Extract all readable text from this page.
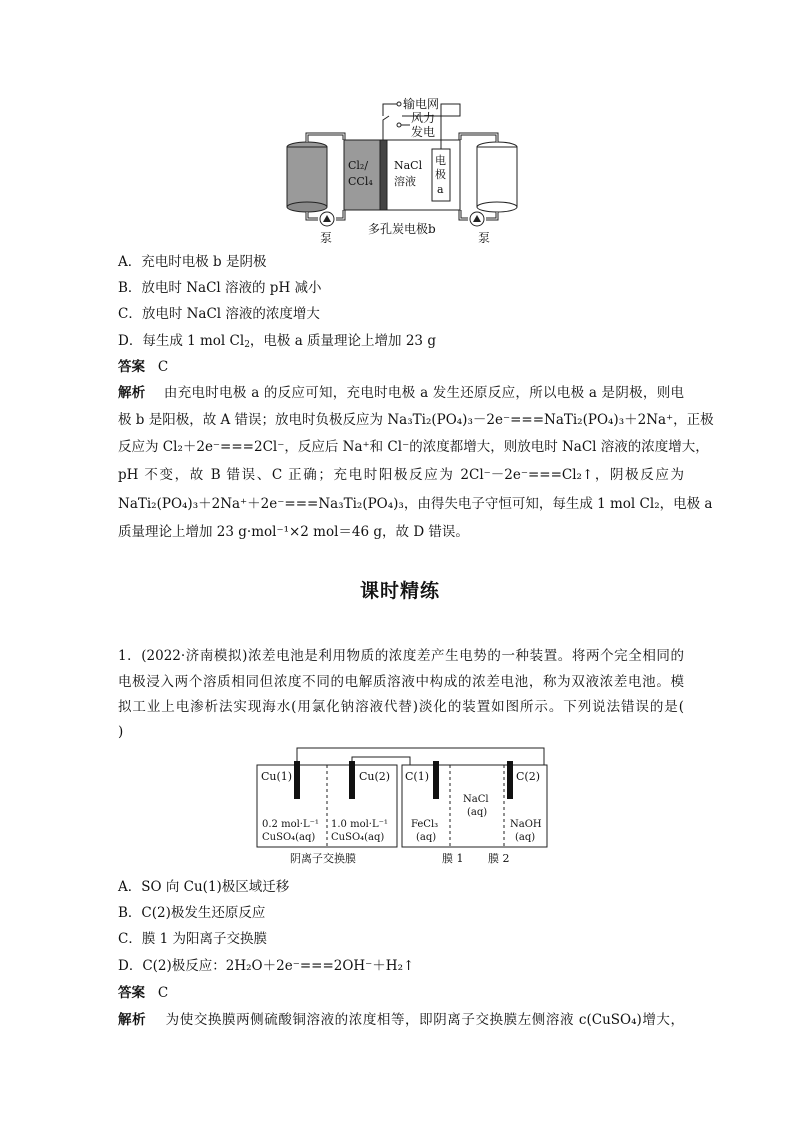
输电网
风力
发电
Cl₂/
CCl₄
NaCl
溶液
电
极
a
泵	泵
多孔炭电极b
A．充电时电极 b 是阴极
B．放电时 NaCl 溶液的 pH 减小
C．放电时 NaCl 溶液的浓度增大
D．每生成 1 mol $Cl_2$，电极 a 质量理论上增加 23 g
答案 C
解析 由充电时电极 a 的反应可知，充电时电极 a 发生还原反应，所以电极 a 是阴极，则电
极 b 是阳极，故 A 错误；放电时负极反应为 Na₃Ti₂(PO₄)₃－2e⁻===NaTi₂(PO₄)₃＋2Na⁺，正极
反应为 Cl₂＋2e⁻===2Cl⁻，反应后 Na⁺和 Cl⁻的浓度都增大，则放电时 NaCl 溶液的浓度增大，
pH 不变，故 B 错误、C 正确；充电时阳极反应为 2Cl⁻－2e⁻===Cl₂↑，阴极反应为
NaTi₂(PO₄)₃＋2Na⁺＋2e⁻===Na₃Ti₂(PO₄)₃，由得失电子守恒可知，每生成 1 mol Cl₂，电极 a
质量理论上增加 23 g·mol⁻¹×2 mol＝46 g，故 D 错误。
课时精练
1．(2022·济南模拟)浓差电池是利用物质的浓度差产生电势的一种装置。将两个完全相同的
电极浸入两个溶质相同但浓度不同的电解质溶液中构成的浓差电池，称为双液浓差电池。模
拟工业上电渗析法实现海水(用氯化钠溶液代替)淡化的装置如图所示。下列说法错误的是(
)
Cu(1)	Cu(2) C(1)	C(2)
0.2 mol·L⁻¹
CuSO₄(aq)
1.0 mol·L⁻¹
CuSO₄(aq)
FeCl₃
(aq)
NaCl
(aq)
NaOH
(aq)
阴离子交换膜	膜 1 膜 2
A．SO 向 Cu(1)极区域迁移
B．C(2)极发生还原反应
C．膜 1 为阳离子交换膜
D．C(2)极反应：2H₂O＋2e⁻===2OH⁻＋H₂↑
答案 C
解析 为使交换膜两侧硫酸铜溶液的浓度相等，即阴离子交换膜左侧溶液 c(CuSO₄)增大，
